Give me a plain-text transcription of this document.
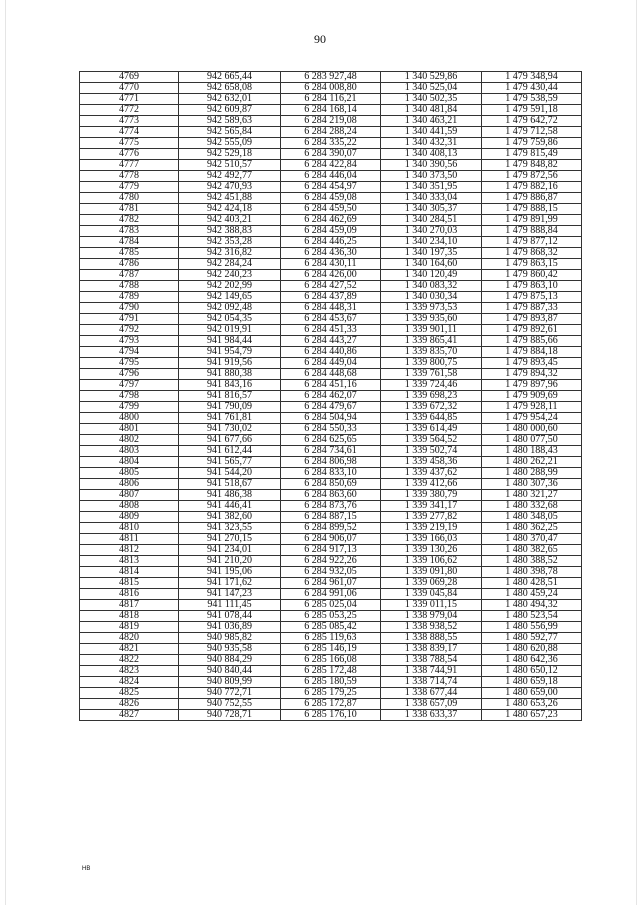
90
4769	942 665,44	6 283 927,48	1 340 529,86	1 479 348,94
4770	942 658,08	6 284 008,80	1 340 525,04	1 479 430,44
4771	942 632,01	6 284 116,21	1 340 502,35	1 479 538,59
4772	942 609,87	6 284 168,14	1 340 481,84	1 479 591,18
4773	942 589,63	6 284 219,08	1 340 463,21	1 479 642,72
4774	942 565,84	6 284 288,24	1 340 441,59	1 479 712,58
4775	942 555,09	6 284 335,22	1 340 432,31	1 479 759,86
4776	942 529,18	6 284 390,07	1 340 408,13	1 479 815,49
4777	942 510,57	6 284 422,84	1 340 390,56	1 479 848,82
4778	942 492,77	6 284 446,04	1 340 373,50	1 479 872,56
4779	942 470,93	6 284 454,97	1 340 351,95	1 479 882,16
4780	942 451,88	6 284 459,08	1 340 333,04	1 479 886,87
4781	942 424,18	6 284 459,50	1 340 305,37	1 479 888,15
4782	942 403,21	6 284 462,69	1 340 284,51	1 479 891,99
4783	942 388,83	6 284 459,09	1 340 270,03	1 479 888,84
4784	942 353,28	6 284 446,25	1 340 234,10	1 479 877,12
4785	942 316,82	6 284 436,30	1 340 197,35	1 479 868,32
4786	942 284,24	6 284 430,11	1 340 164,60	1 479 863,15
4787	942 240,23	6 284 426,00	1 340 120,49	1 479 860,42
4788	942 202,99	6 284 427,52	1 340 083,32	1 479 863,10
4789	942 149,65	6 284 437,89	1 340 030,34	1 479 875,13
4790	942 092,48	6 284 448,31	1 339 973,53	1 479 887,33
4791	942 054,35	6 284 453,67	1 339 935,60	1 479 893,87
4792	942 019,91	6 284 451,33	1 339 901,11	1 479 892,61
4793	941 984,44	6 284 443,27	1 339 865,41	1 479 885,66
4794	941 954,79	6 284 440,86	1 339 835,70	1 479 884,18
4795	941 919,56	6 284 449,04	1 339 800,75	1 479 893,45
4796	941 880,38	6 284 448,68	1 339 761,58	1 479 894,32
4797	941 843,16	6 284 451,16	1 339 724,46	1 479 897,96
4798	941 816,57	6 284 462,07	1 339 698,23	1 479 909,69
4799	941 790,09	6 284 479,67	1 339 672,32	1 479 928,11
4800	941 761,81	6 284 504,94	1 339 644,85	1 479 954,24
4801	941 730,02	6 284 550,33	1 339 614,49	1 480 000,60
4802	941 677,66	6 284 625,65	1 339 564,52	1 480 077,50
4803	941 612,44	6 284 734,61	1 339 502,74	1 480 188,43
4804	941 565,77	6 284 806,98	1 339 458,36	1 480 262,21
4805	941 544,20	6 284 833,10	1 339 437,62	1 480 288,99
4806	941 518,67	6 284 850,69	1 339 412,66	1 480 307,36
4807	941 486,38	6 284 863,60	1 339 380,79	1 480 321,27
4808	941 446,41	6 284 873,76	1 339 341,17	1 480 332,68
4809	941 382,60	6 284 887,15	1 339 277,82	1 480 348,05
4810	941 323,55	6 284 899,52	1 339 219,19	1 480 362,25
4811	941 270,15	6 284 906,07	1 339 166,03	1 480 370,47
4812	941 234,01	6 284 917,13	1 339 130,26	1 480 382,65
4813	941 210,20	6 284 922,26	1 339 106,62	1 480 388,52
4814	941 195,06	6 284 932,05	1 339 091,80	1 480 398,78
4815	941 171,62	6 284 961,07	1 339 069,28	1 480 428,51
4816	941 147,23	6 284 991,06	1 339 045,84	1 480 459,24
4817	941 111,45	6 285 025,04	1 339 011,15	1 480 494,32
4818	941 078,44	6 285 053,25	1 338 979,04	1 480 523,54
4819	941 036,89	6 285 085,42	1 338 938,52	1 480 556,99
4820	940 985,82	6 285 119,63	1 338 888,55	1 480 592,77
4821	940 935,58	6 285 146,19	1 338 839,17	1 480 620,88
4822	940 884,29	6 285 166,08	1 338 788,54	1 480 642,36
4823	940 840,44	6 285 172,48	1 338 744,91	1 480 650,12
4824	940 809,99	6 285 180,59	1 338 714,74	1 480 659,18
4825	940 772,71	6 285 179,25	1 338 677,44	1 480 659,00
4826	940 752,55	6 285 172,87	1 338 657,09	1 480 653,26
4827	940 728,71	6 285 176,10	1 338 633,37	1 480 657,23
HB
